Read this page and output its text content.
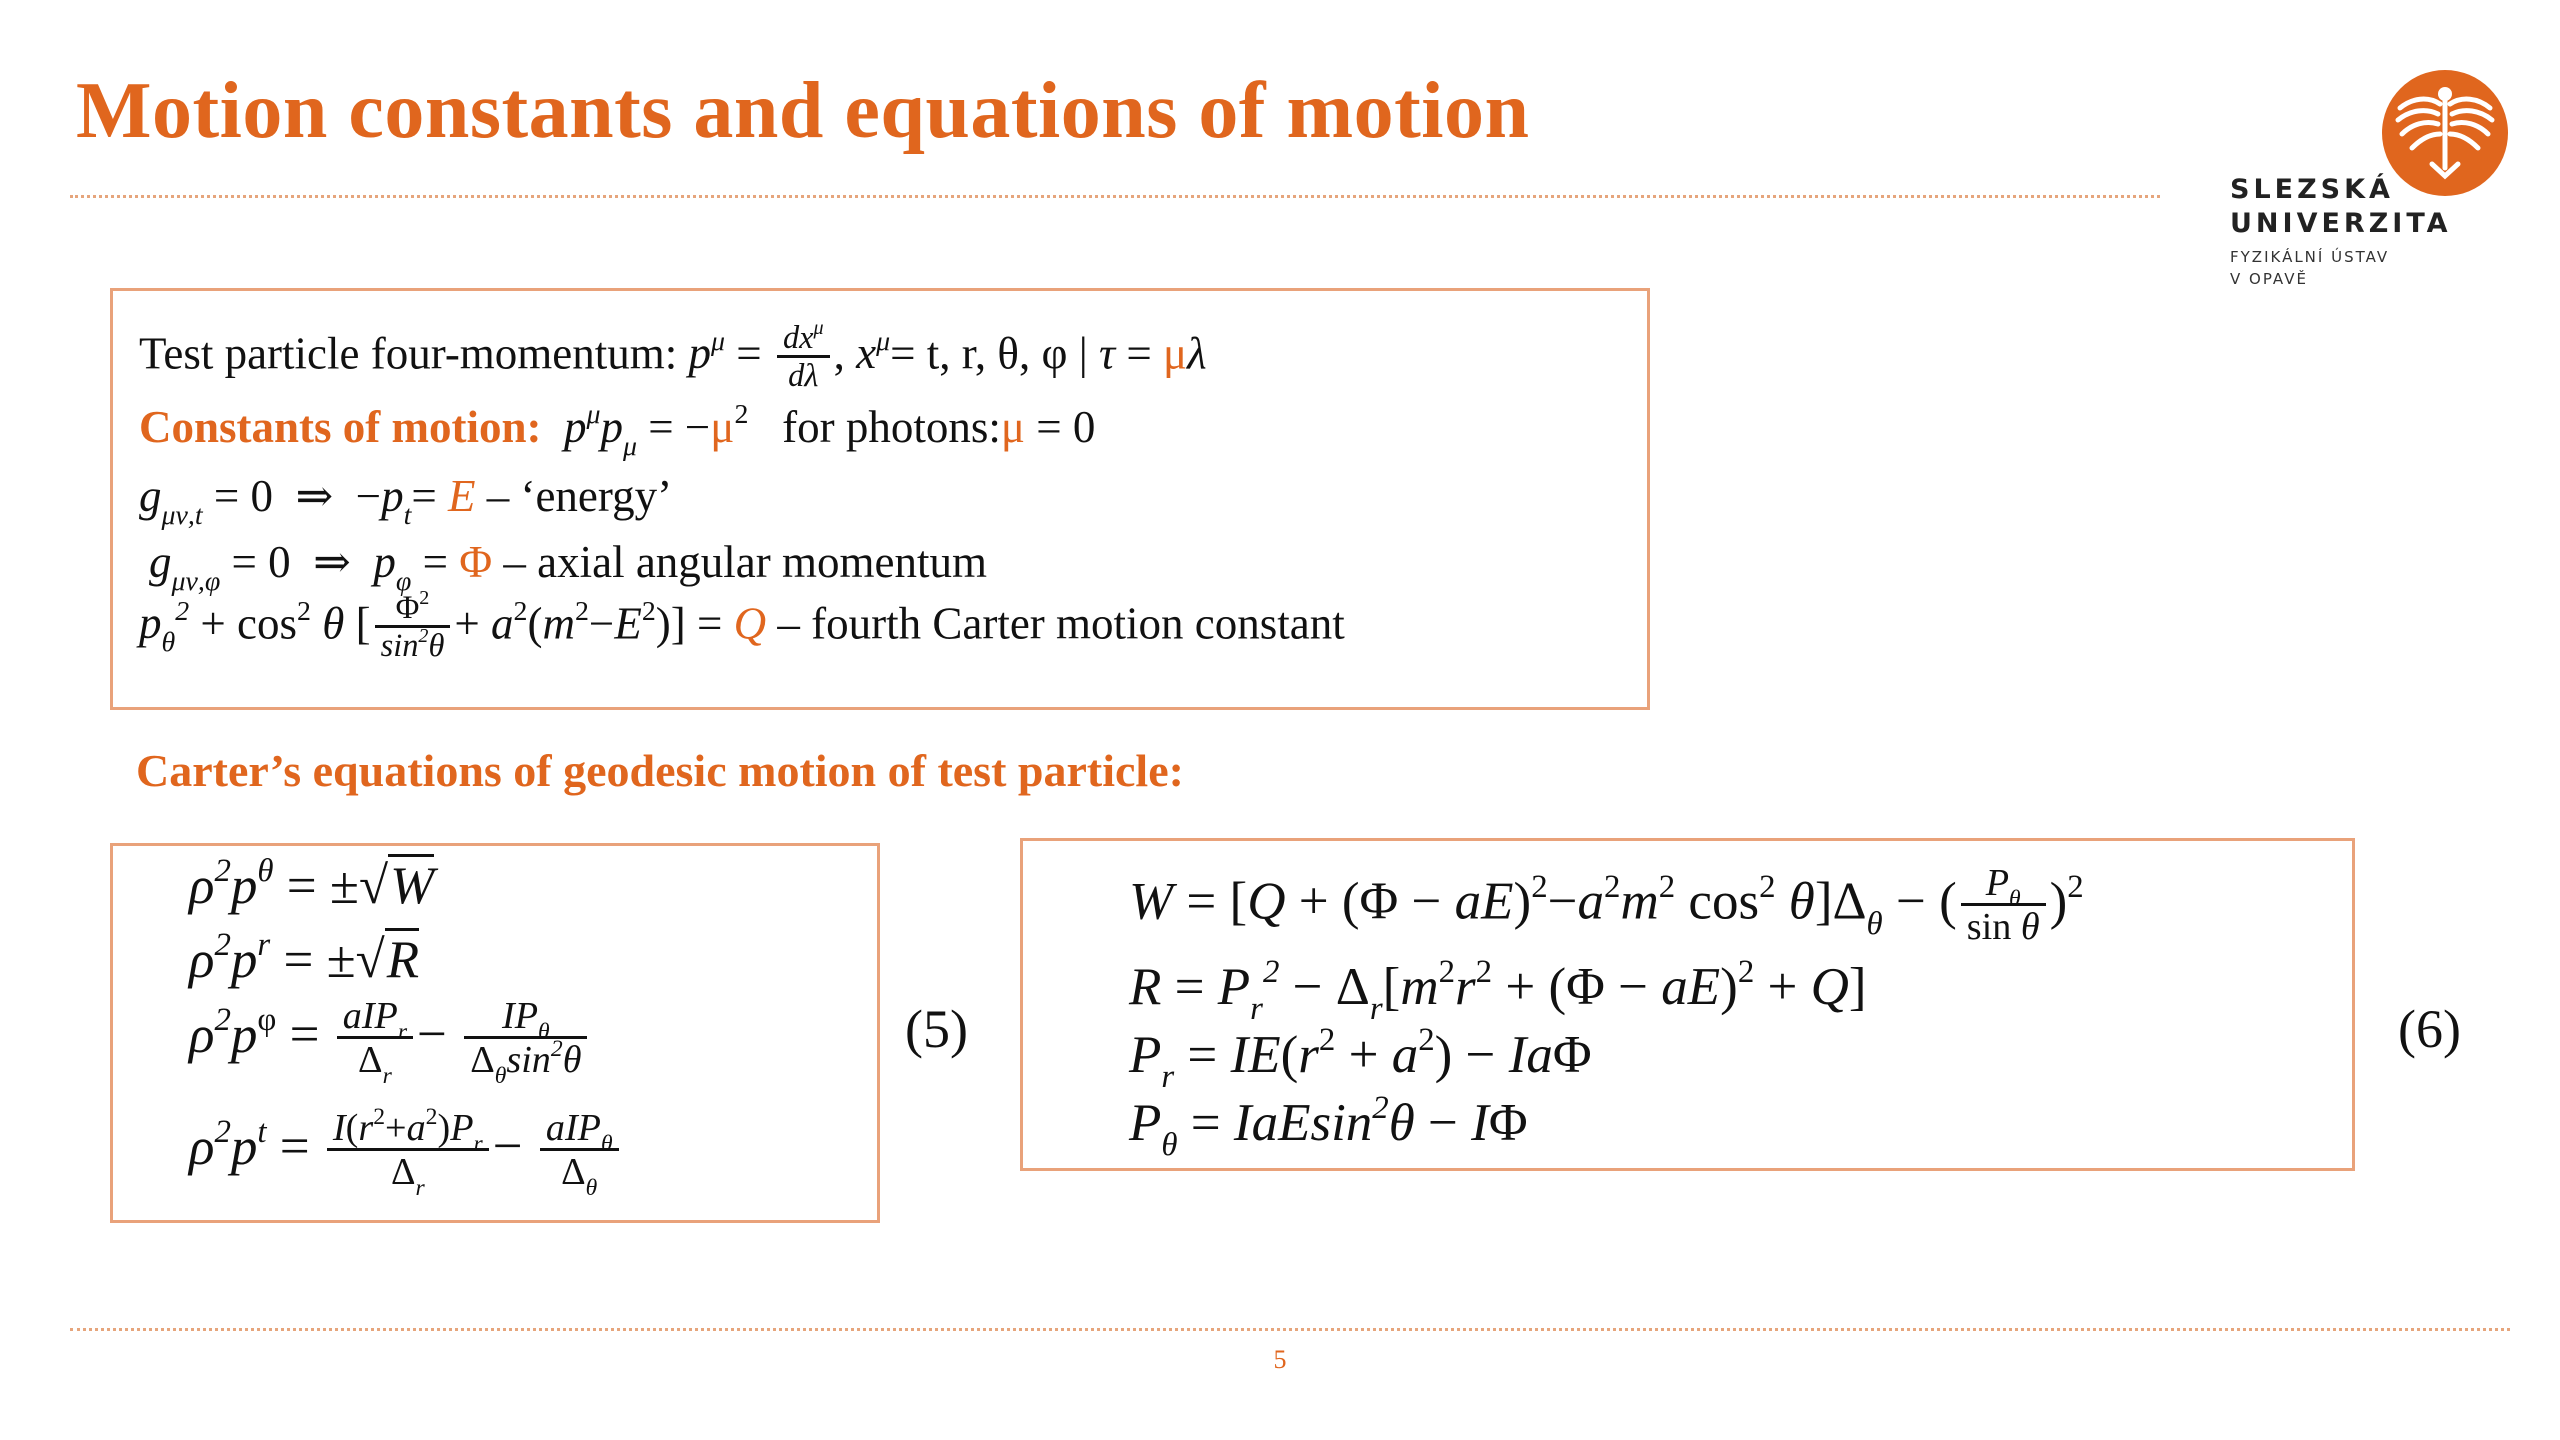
Motion constants and equations of motion
SLEZSKÁ
UNIVERZITA
FYZIKÁLNÍ ÚSTAV
V OPAVĚ
Test particle four-momentum: $p^\mu = \frac{dx^\mu}{d\lambda}$ , $x^\mu= t$, r, θ, φ | τ = μλ
Constants of motion: $p^\mu p_\mu = -\mu^2$ for photons:μ = 0
$g_{\mu\nu,t} = 0$  ⇒  $-p_t= E$ – ‘energy’
$g_{\mu\nu,\varphi} = 0$  ⇒  $p_\varphi = \Phi$ – axial angular momentum
$p_\theta^2 + \cos^2 \theta$ [ $\frac{\Phi^2}{\sin^2\theta} + a^2(m^2-E^2)] = Q$ – fourth Carter motion constant
Carter’s equations of geodesic motion of test particle:
$\rho^2p^\theta = \pm√W$
$\rho^2p^r = \pm√R$
$\rho^2p^\varphi = \frac{aIP_r}{\Delta_r} - \frac{IP_\theta}{\Delta_\theta\sin^2\theta}$
$\rho^2p^t = \frac{I(r^2+a^2)P_r}{\Delta_r} - \frac{aIP_\theta}{\Delta_\theta}$
(5)
$W = [Q + (\Phi - aE)^2-a^2m^2$ $\cos^2 \theta]\Delta_\theta$ − ( $\frac{P_\theta}{\text{sin θ}} )^2$
$R = P_r^2 - \Delta_r[m^2r^2 + (\Phi - aE)^2 + Q]$
$P_r = IE(r^2 + a^2) - Ia\Phi$
$P_\theta = IaEsin^2\theta - I\Phi$
(6)
5
